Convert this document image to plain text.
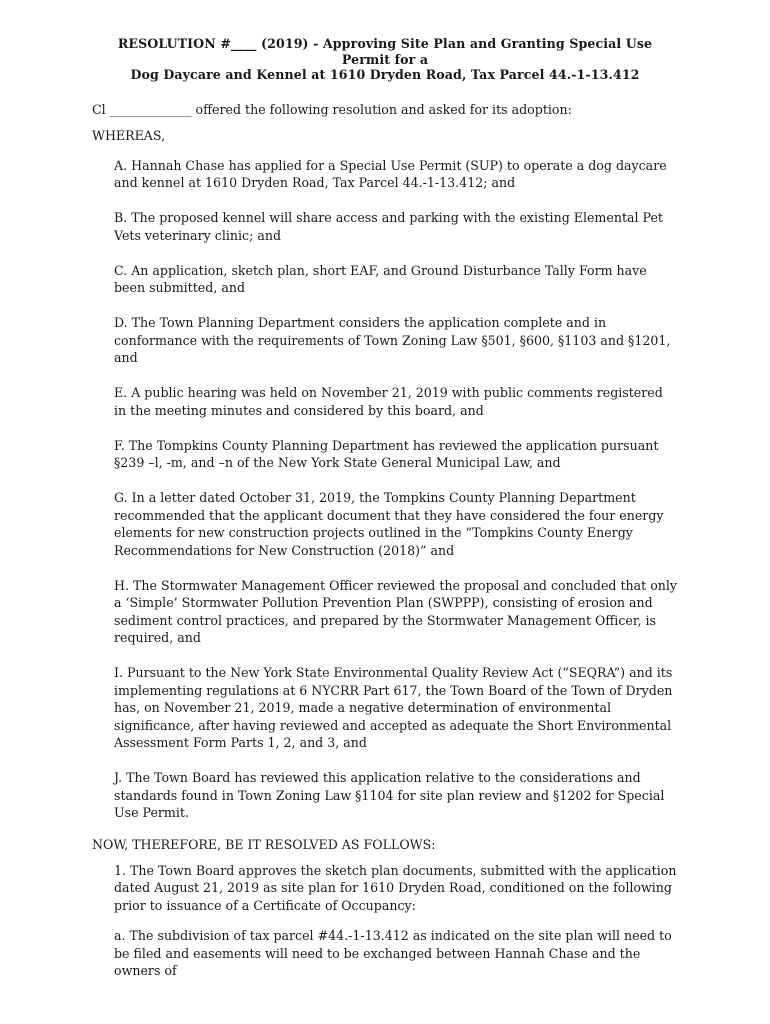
RESOLUTION #____ (2019) - Approving Site Plan and Granting Special Use Permit for a
Dog Daycare and Kennel at 1610 Dryden Road, Tax Parcel 44.-1-13.412

Cl _____________ offered the following resolution and asked for its adoption:

WHEREAS,

A. Hannah Chase has applied for a Special Use Permit (SUP) to operate a dog daycare and kennel at 1610 Dryden Road, Tax Parcel 44.-1-13.412; and

B. The proposed kennel will share access and parking with the existing Elemental Pet Vets veterinary clinic; and

C. An application, sketch plan, short EAF, and Ground Disturbance Tally Form have been submitted, and

D. The Town Planning Department considers the application complete and in conformance with the requirements of Town Zoning Law §501, §600, §1103 and §1201, and

E. A public hearing was held on November 21, 2019 with public comments registered in the meeting minutes and considered by this board, and

F. The Tompkins County Planning Department has reviewed the application pursuant §239 –l, -m, and –n of the New York State General Municipal Law, and

G. In a letter dated October 31, 2019, the Tompkins County Planning Department recommended that the applicant document that they have considered the four energy elements for new construction projects outlined in the “Tompkins County Energy Recommendations for New Construction (2018)” and

H. The Stormwater Management Officer reviewed the proposal and concluded that only a ‘Simple’ Stormwater Pollution Prevention Plan (SWPPP), consisting of erosion and sediment control practices, and prepared by the Stormwater Management Officer, is required, and

I. Pursuant to the New York State Environmental Quality Review Act (“SEQRA”) and its implementing regulations at 6 NYCRR Part 617, the Town Board of the Town of Dryden has, on November 21, 2019, made a negative determination of environmental significance, after having reviewed and accepted as adequate the Short Environmental Assessment Form Parts 1, 2, and 3, and

J. The Town Board has reviewed this application relative to the considerations and standards found in Town Zoning Law §1104 for site plan review and §1202 for Special Use Permit.

NOW, THEREFORE, BE IT RESOLVED AS FOLLOWS:

1. The Town Board approves the sketch plan documents, submitted with the application dated August 21, 2019 as site plan for 1610 Dryden Road, conditioned on the following prior to issuance of a Certificate of Occupancy:

a. The subdivision of tax parcel #44.-1-13.412 as indicated on the site plan will need to be filed and easements will need to be exchanged between Hannah Chase and the owners of
